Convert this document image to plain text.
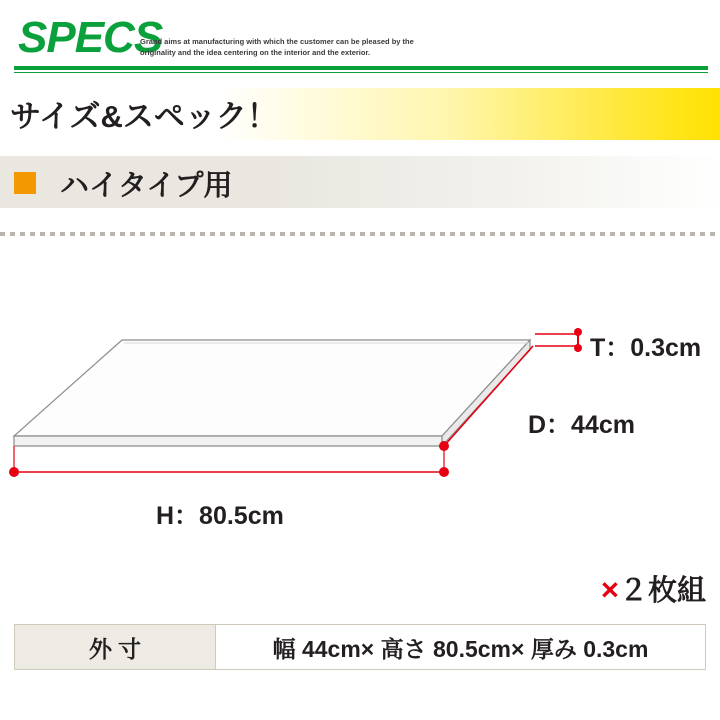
SPECS
Grand aims at manufacturing with which the customer can be pleased by the originality and the idea centering on the interior and the exterior.
サイズ&スペック！
ハイタイプ用
T：0.3cm
D：44cm
H：80.5cm
×２枚組
外寸	幅 44cm× 高さ 80.5cm× 厚み 0.3cm
